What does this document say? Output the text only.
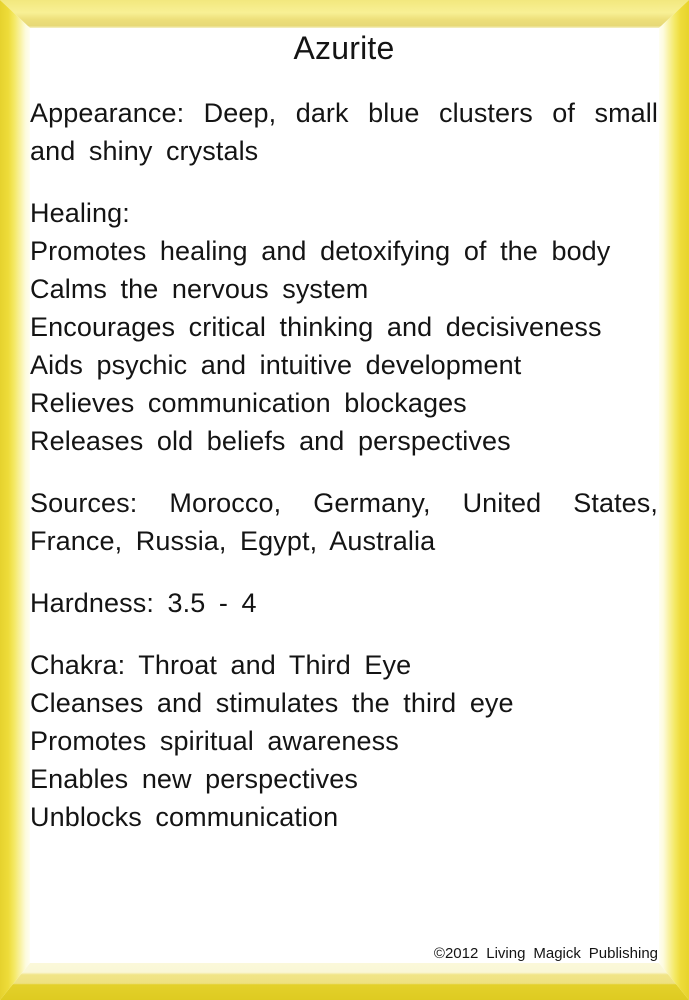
Azurite
Appearance: Deep, dark blue clusters of small
and shiny crystals
Healing:
Promotes healing and detoxifying of the body
Calms the nervous system
Encourages critical thinking and decisiveness
Aids psychic and intuitive development
Relieves communication blockages
Releases old beliefs and perspectives
Sources: Morocco, Germany, United States,
France, Russia, Egypt, Australia
Hardness: 3.5 - 4
Chakra: Throat and Third Eye
Cleanses and stimulates the third eye
Promotes spiritual awareness
Enables new perspectives
Unblocks communication
©2012 Living Magick Publishing
